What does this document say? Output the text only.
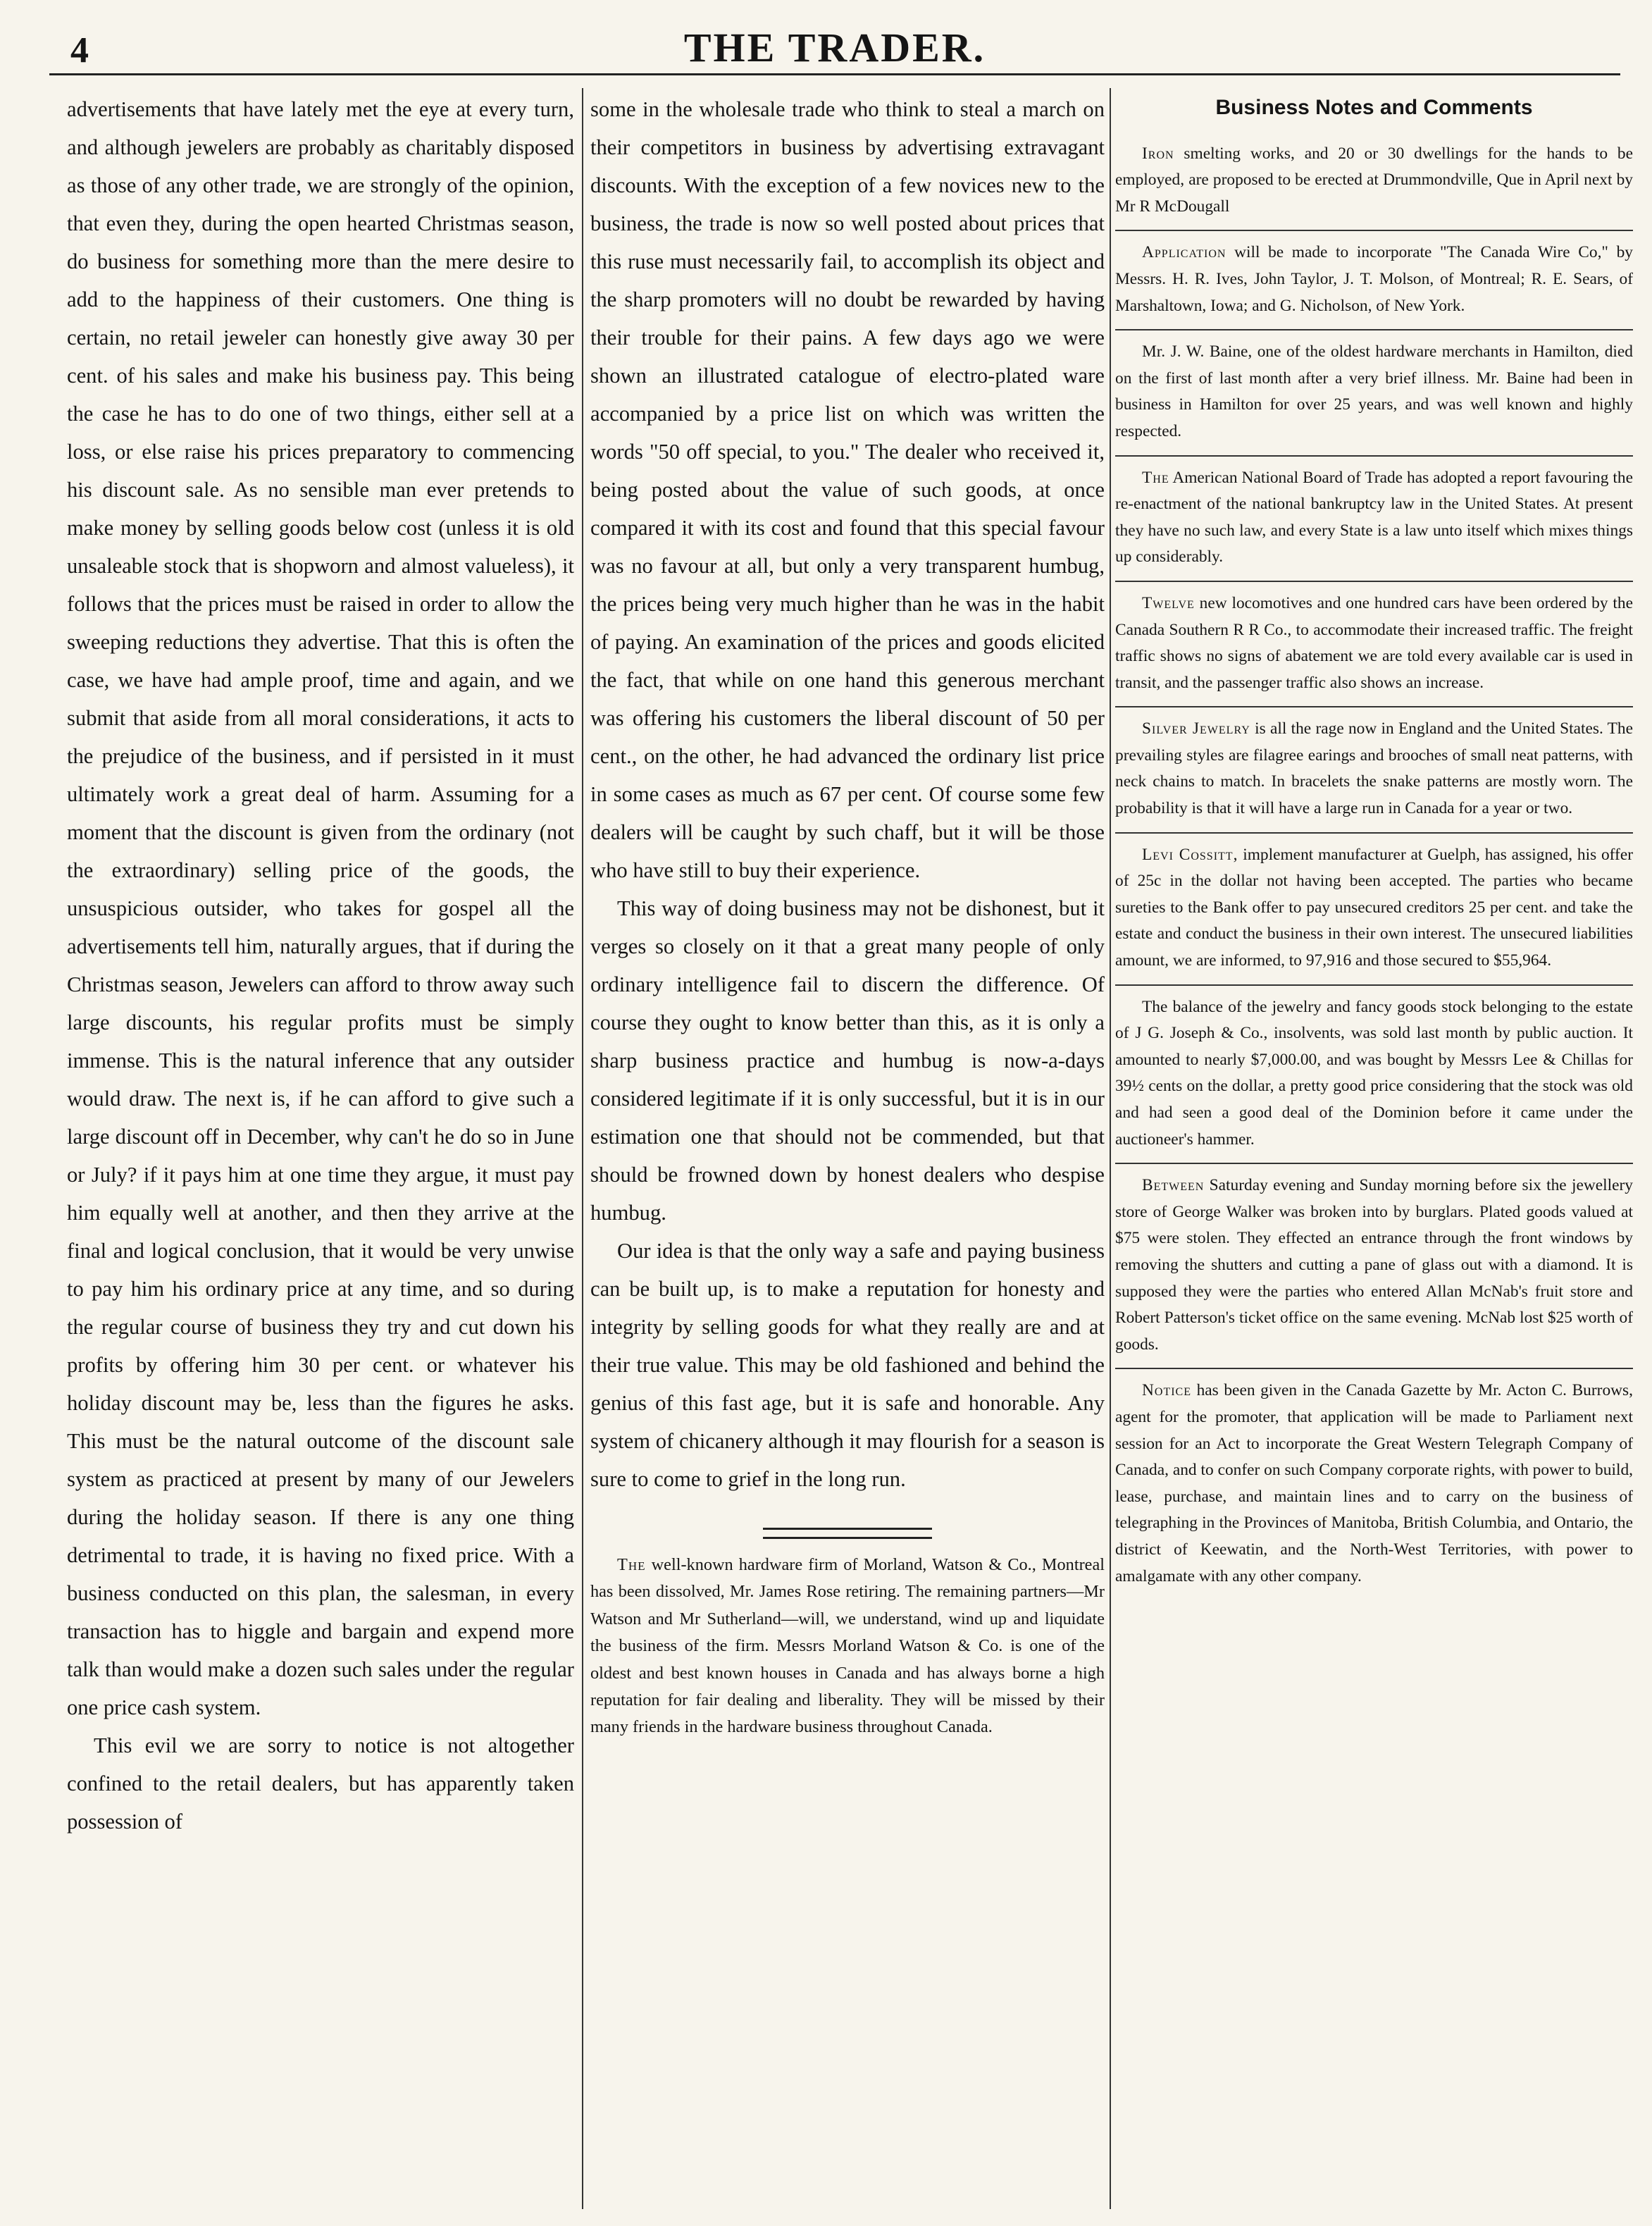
4	THE TRADER.

advertisements that have lately met the eye at every turn, and although jewelers are probably as charitably disposed as those of any other trade, we are strongly of the opinion, that even they, during the open hearted Christmas season, do business for something more than the mere desire to add to the happiness of their customers. One thing is certain, no retail jeweler can honestly give away 30 per cent. of his sales and make his business pay. This being the case he has to do one of two things, either sell at a loss, or else raise his prices preparatory to commencing his discount sale. As no sensible man ever pretends to make money by selling goods below cost (unless it is old unsaleable stock that is shopworn and almost valueless), it follows that the prices must be raised in order to allow the sweeping reductions they advertise. That this is often the case, we have had ample proof, time and again, and we submit that aside from all moral considerations, it acts to the prejudice of the business, and if persisted in it must ultimately work a great deal of harm. Assuming for a moment that the discount is given from the ordinary (not the extraordinary) selling price of the goods, the unsuspicious outsider, who takes for gospel all the advertisements tell him, naturally argues, that if during the Christmas season, Jewelers can afford to throw away such large discounts, his regular profits must be simply immense. This is the natural inference that any outsider would draw. The next is, if he can afford to give such a large discount off in December, why can't he do so in June or July? if it pays him at one time they argue, it must pay him equally well at another, and then they arrive at the final and logical conclusion, that it would be very unwise to pay him his ordinary price at any time, and so during the regular course of business they try and cut down his profits by offering him 30 per cent. or whatever his holiday discount may be, less than the figures he asks. This must be the natural outcome of the discount sale system as practiced at present by many of our Jewelers during the holiday season. If there is any one thing detrimental to trade, it is having no fixed price. With a business conducted on this plan, the salesman, in every transaction has to higgle and bargain and expend more talk than would make a dozen such sales under the regular one price cash system.

This evil we are sorry to notice is not altogether confined to the retail dealers, but has apparently taken possession of

some in the wholesale trade who think to steal a march on their competitors in business by advertising extravagant discounts. With the exception of a few novices new to the business, the trade is now so well posted about prices that this ruse must necessarily fail, to accomplish its object and the sharp promoters will no doubt be rewarded by having their trouble for their pains. A few days ago we were shown an illustrated catalogue of electro-plated ware accompanied by a price list on which was written the words "50 off special, to you." The dealer who received it, being posted about the value of such goods, at once compared it with its cost and found that this special favour was no favour at all, but only a very transparent humbug, the prices being very much higher than he was in the habit of paying. An examination of the prices and goods elicited the fact, that while on one hand this generous merchant was offering his customers the liberal discount of 50 per cent., on the other, he had advanced the ordinary list price in some cases as much as 67 per cent. Of course some few dealers will be caught by such chaff, but it will be those who have still to buy their experience.

This way of doing business may not be dishonest, but it verges so closely on it that a great many people of only ordinary intelligence fail to discern the difference. Of course they ought to know better than this, as it is only a sharp business practice and humbug is now-a-days considered legitimate if it is only successful, but it is in our estimation one that should not be commended, but that should be frowned down by honest dealers who despise humbug.

Our idea is that the only way a safe and paying business can be built up, is to make a reputation for honesty and integrity by selling goods for what they really are and at their true value. This may be old fashioned and behind the genius of this fast age, but it is safe and honorable. Any system of chicanery although it may flourish for a season is sure to come to grief in the long run.

The well-known hardware firm of Morland, Watson & Co., Montreal has been dissolved, Mr. James Rose retiring. The remaining partners—Mr Watson and Mr Sutherland—will, we understand, wind up and liquidate the business of the firm. Messrs Morland Watson & Co. is one of the oldest and best known houses in Canada and has always borne a high reputation for fair dealing and liberality. They will be missed by their many friends in the hardware business throughout Canada.

Business Notes and Comments

Iron smelting works, and 20 or 30 dwellings for the hands to be employed, are proposed to be erected at Drummondville, Que in April next by Mr R McDougall

Application will be made to incorporate "The Canada Wire Co," by Messrs. H. R. Ives, John Taylor, J. T. Molson, of Montreal; R. E. Sears, of Marshaltown, Iowa; and G. Nicholson, of New York.

Mr. J. W. Baine, one of the oldest hardware merchants in Hamilton, died on the first of last month after a very brief illness. Mr. Baine had been in business in Hamilton for over 25 years, and was well known and highly respected.

The American National Board of Trade has adopted a report favouring the re-enactment of the national bankruptcy law in the United States. At present they have no such law, and every State is a law unto itself which mixes things up considerably.

Twelve new locomotives and one hundred cars have been ordered by the Canada Southern R R Co., to accommodate their increased traffic. The freight traffic shows no signs of abatement we are told every available car is used in transit, and the passenger traffic also shows an increase.

Silver Jewelry is all the rage now in England and the United States. The prevailing styles are filagree earings and brooches of small neat patterns, with neck chains to match. In bracelets the snake patterns are mostly worn. The probability is that it will have a large run in Canada for a year or two.

Levi Cossitt, implement manufacturer at Guelph, has assigned, his offer of 25c in the dollar not having been accepted. The parties who became sureties to the Bank offer to pay unsecured creditors 25 per cent. and take the estate and conduct the business in their own interest. The unsecured liabilities amount, we are informed, to 97,916 and those secured to $55,964.

The balance of the jewelry and fancy goods stock belonging to the estate of J G. Joseph & Co., insolvents, was sold last month by public auction. It amounted to nearly $7,000.00, and was bought by Messrs Lee & Chillas for 39½ cents on the dollar, a pretty good price considering that the stock was old and had seen a good deal of the Dominion before it came under the auctioneer's hammer.

Between Saturday evening and Sunday morning before six the jewellery store of George Walker was broken into by burglars. Plated goods valued at $75 were stolen. They effected an entrance through the front windows by removing the shutters and cutting a pane of glass out with a diamond. It is supposed they were the parties who entered Allan McNab's fruit store and Robert Patterson's ticket office on the same evening. McNab lost $25 worth of goods.

Notice has been given in the Canada Gazette by Mr. Acton C. Burrows, agent for the promoter, that application will be made to Parliament next session for an Act to incorporate the Great Western Telegraph Company of Canada, and to confer on such Company corporate rights, with power to build, lease, purchase, and maintain lines and to carry on the business of telegraphing in the Provinces of Manitoba, British Columbia, and Ontario, the district of Keewatin, and the North-West Territories, with power to amalgamate with any other company.
